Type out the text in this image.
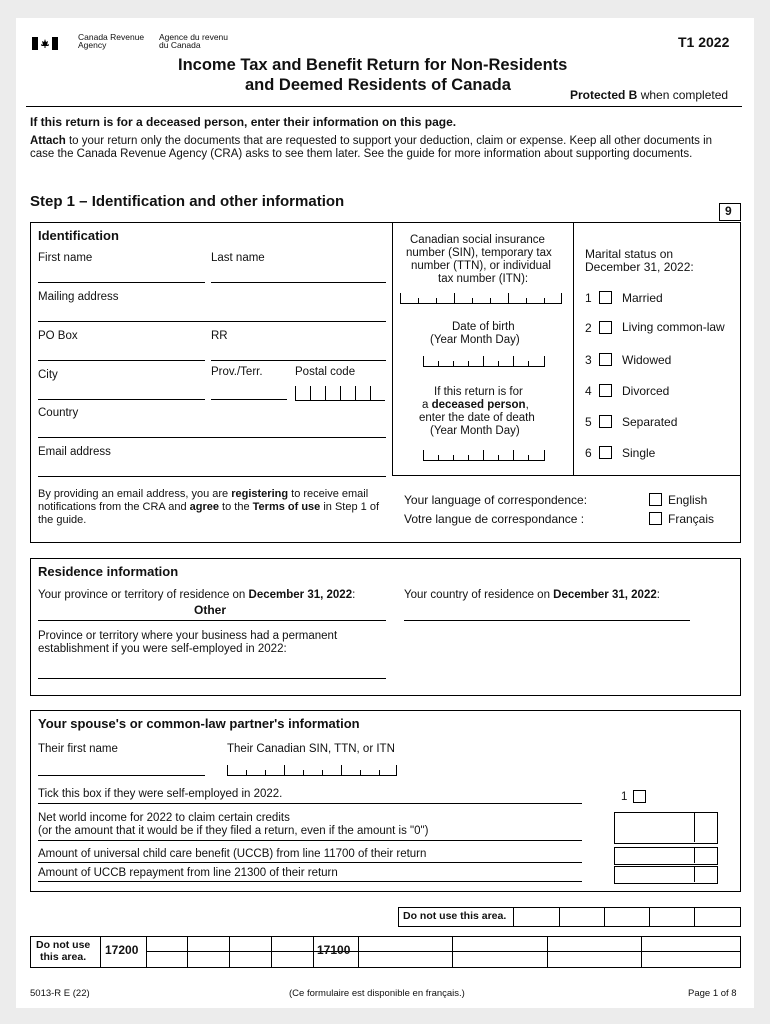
Canada Revenue
Agency
Agence du revenu
du Canada	T1 2022
Income Tax and Benefit Return for Non-Residents
and Deemed Residents of Canada
Protected B when completed
If this return is for a deceased person, enter their information on this page.
Attach to your return only the documents that are requested to support your deduction, claim or expense. Keep all other documents in case the Canada Revenue Agency (CRA) asks to see them later. See the guide for more information about supporting documents.
Step 1 – Identification and other information
9
Identification
First name	Last name
Mailing address
PO Box	RR
City	Prov./Terr.	Postal code
Country
Email address
By providing an email address, you are registering to receive email notifications from the CRA and agree to the Terms of use in Step 1 of the guide.
Canadian social insurance
number (SIN), temporary tax
number (TTN), or individual
tax number (ITN):
Date of birth
(Year Month Day)
If this return is for
a deceased person,
enter the date of death
(Year Month Day)
Marital status on
December 31, 2022:
1	Married
2	Living common-law
3	Widowed
4	Divorced
5	Separated
6	Single
Your language of correspondence:
Votre langue de correspondance :
English
Français
Residence information
Your province or territory of residence on December 31, 2022:
Other
Your country of residence on December 31, 2022:
Province or territory where your business had a permanent
establishment if you were self-employed in 2022:
Your spouse's or common-law partner's information
Their first name	Their Canadian SIN, TTN, or ITN
Tick this box if they were self-employed in 2022.	1
Net world income for 2022 to claim certain credits
(or the amount that it would be if they filed a return, even if the amount is "0")
Amount of universal child care benefit (UCCB) from line 11700 of their return
Amount of UCCB repayment from line 21300 of their return
Do not use this area.
Do not use
this area. 17200	17100
5013-R E (22)	(Ce formulaire est disponible en français.)	Page 1 of 8
